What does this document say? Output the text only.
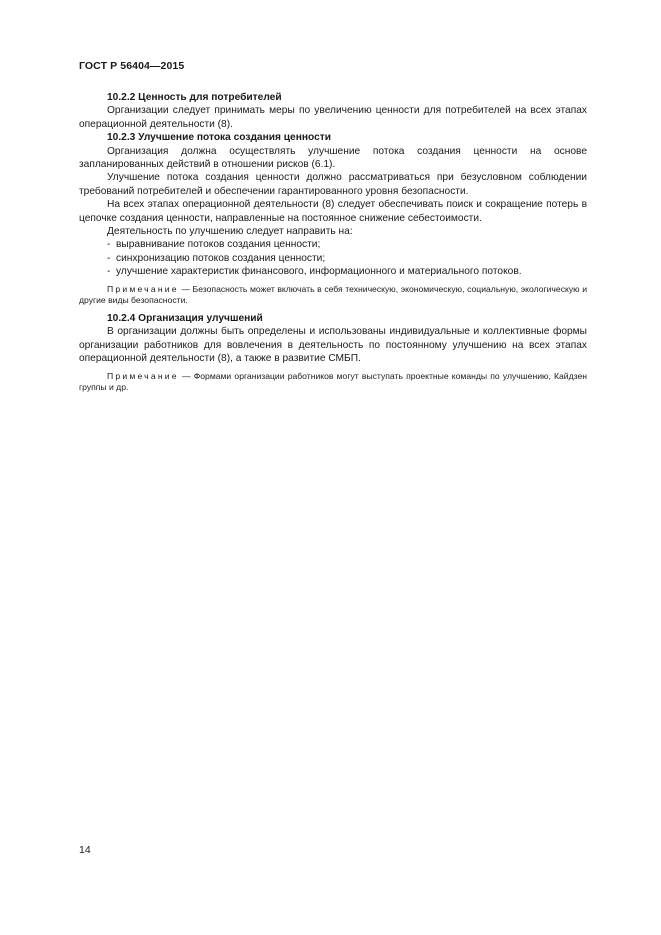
ГОСТ Р 56404—2015

10.2.2 Ценность для потребителей

Организации следует принимать меры по увеличению ценности для потребителей на всех этапах операционной деятельности (8).

10.2.3 Улучшение потока создания ценности

Организация должна осуществлять улучшение потока создания ценности на основе запланированных действий в отношении рисков (6.1).

Улучшение потока создания ценности должно рассматриваться при безусловном соблюдении требований потребителей и обеспечении гарантированного уровня безопасности.

На всех этапах операционной деятельности (8) следует обеспечивать поиск и сокращение потерь в цепочке создания ценности, направленные на постоянное снижение себестоимости.

Деятельность по улучшению следует направить на:

- выравнивание потоков создания ценности;
- синхронизацию потоков создания ценности;
- улучшение характеристик финансового, информационного и материального потоков.

Примечание — Безопасность может включать в себя техническую, экономическую, социальную, экологическую и другие виды безопасности.

10.2.4 Организация улучшений

В организации должны быть определены и использованы индивидуальные и коллективные формы организации работников для вовлечения в деятельность по постоянному улучшению на всех этапах операционной деятельности (8), а также в развитие СМБП.

Примечание — Формами организации работников могут выступать проектные команды по улучшению, Кайдзен группы и др.

14
